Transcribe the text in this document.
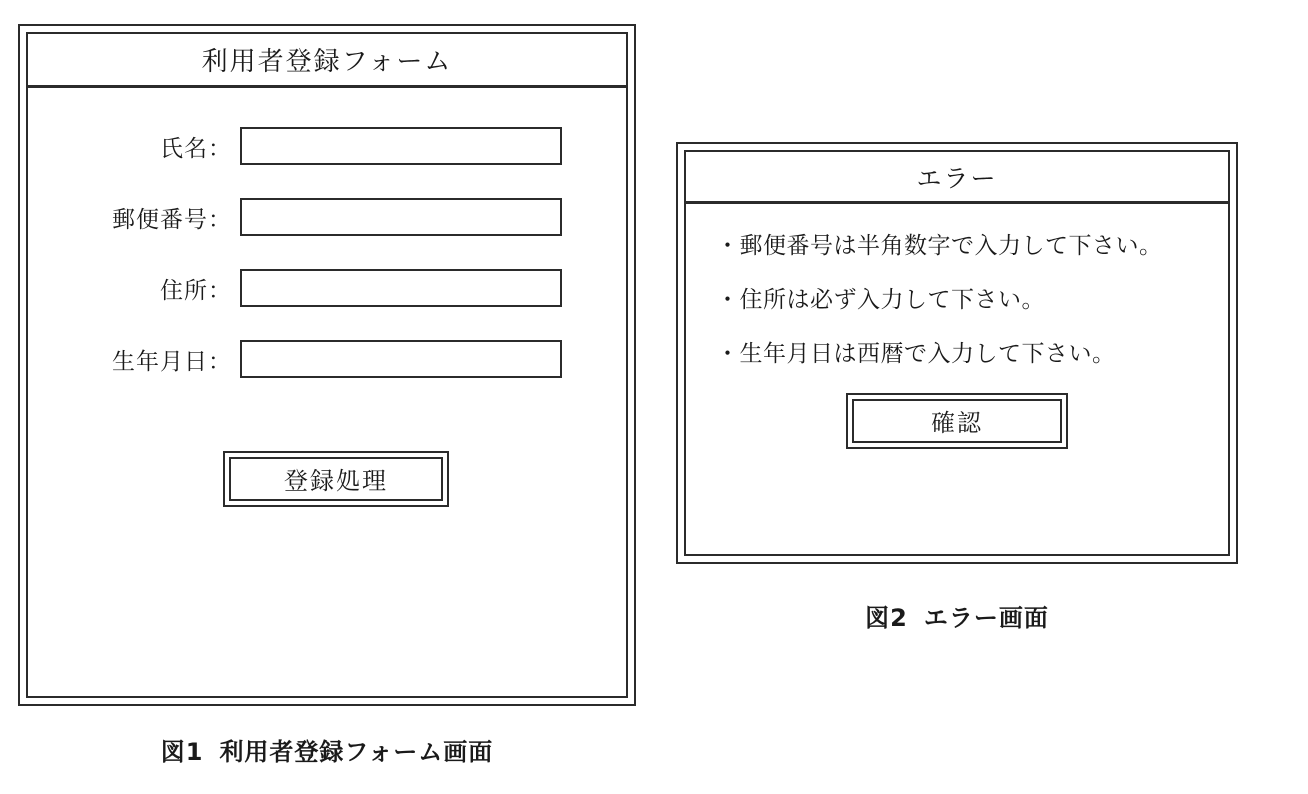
利用者登録フォーム
氏名：
郵便番号：
住所：
生年月日：
登録処理
図1 利用者登録フォーム画面
エラー
・郵便番号は半角数字で入力して下さい。
・住所は必ず入力して下さい。
・生年月日は西暦で入力して下さい。
確認
図2 エラー画面
